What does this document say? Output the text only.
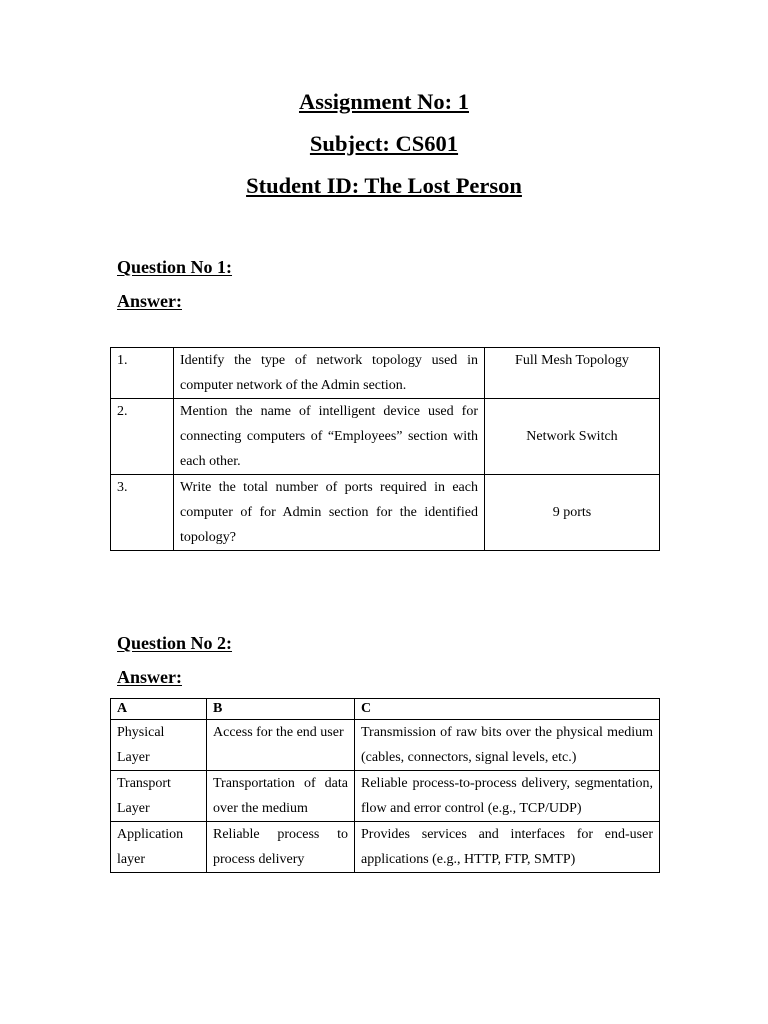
Assignment No: 1
Subject: CS601
Student ID: The Lost Person
Question No 1:
Answer:
1.	Identify the type of network topology used in computer network of the Admin section.	Full Mesh Topology
2.	Mention the name of intelligent device used for connecting computers of “Employees” section with each other.	Network Switch
3.	Write the total number of ports required in each computer of for Admin section for the identified topology?	9 ports
Question No 2:
Answer:
A	B	C
Physical Layer	Access for the end user	Transmission of raw bits over the physical medium (cables, connectors, signal levels, etc.)
Transport Layer	Transportation of data over the medium	Reliable process-to-process delivery, segmentation, flow and error control (e.g., TCP/UDP)
Application layer	Reliable process to process delivery	Provides services and interfaces for end-user applications (e.g., HTTP, FTP, SMTP)
